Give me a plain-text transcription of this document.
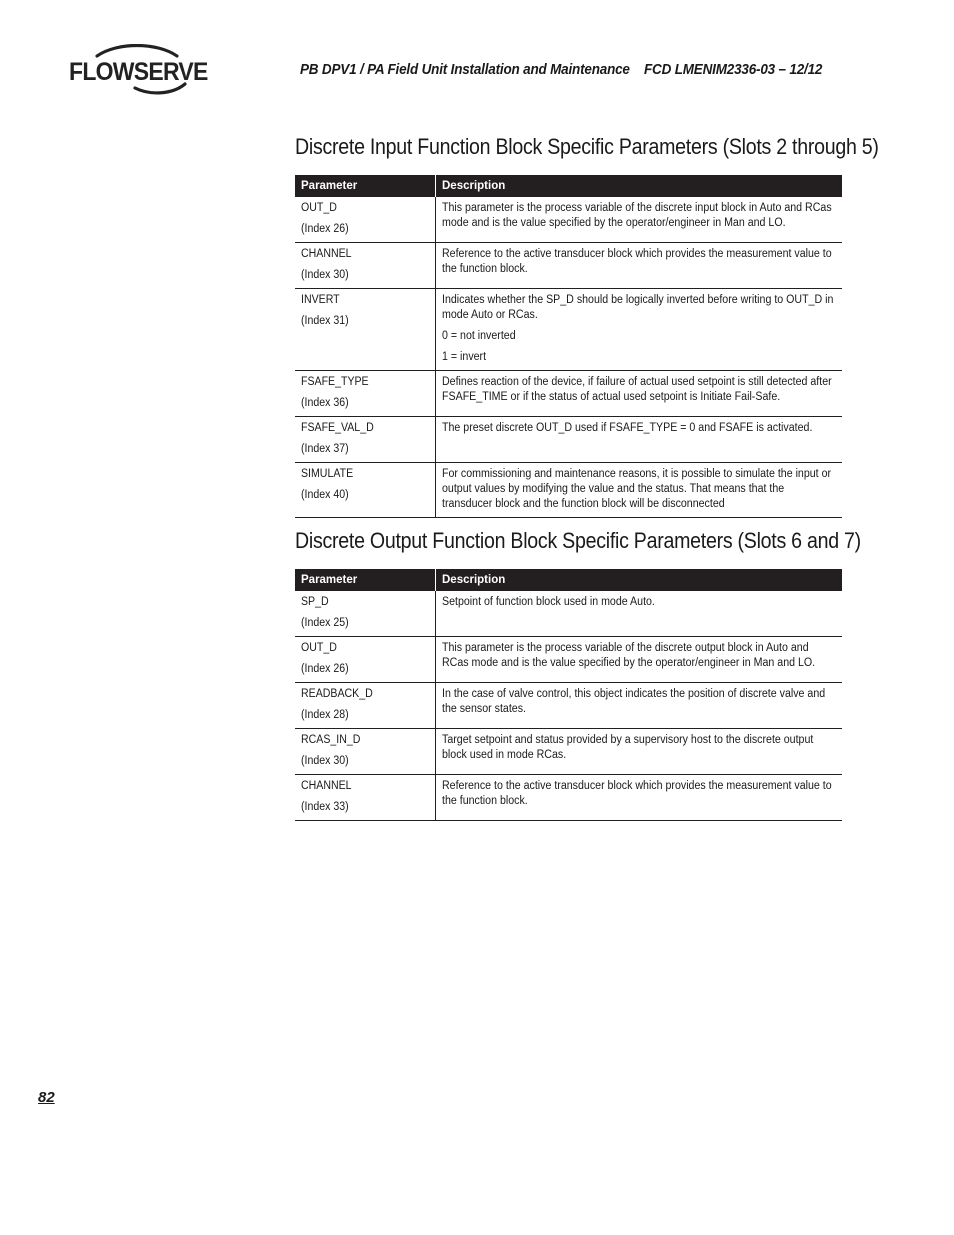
FLOWSERVE	PB DPV1 / PA Field Unit Installation and Maintenance    FCD LMENIM2336-03 – 12/12
Discrete Input Function Block Specific Parameters (Slots 2 through 5)
Parameter	Description

OUT_D
(Index 26)	This parameter is the process variable of the discrete input block in Auto and RCas mode and is the value specified by the operator/engineer in Man and LO.

CHANNEL
(Index 30)	Reference to the active transducer block which provides the measurement value to the function block.

INVERT
(Index 31)	Indicates whether the SP_D should be logically inverted before writing to OUT_D in mode Auto or RCas.
0 = not inverted
1 = invert

FSAFE_TYPE
(Index 36)	Defines reaction of the device, if failure of actual used setpoint is still detected after FSAFE_TIME or if the status of actual used setpoint is Initiate Fail-Safe.

FSAFE_VAL_D
(Index 37)	The preset discrete OUT_D used if FSAFE_TYPE = 0 and FSAFE is activated.

SIMULATE
(Index 40)	For commissioning and maintenance reasons, it is possible to simulate the input or output values by modifying the value and the status. That means that the transducer block and the function block will be disconnected
Discrete Output Function Block Specific Parameters (Slots 6 and 7)
Parameter	Description

SP_D
(Index 25)	Setpoint of function block used in mode Auto.

OUT_D
(Index 26)	This parameter is the process variable of the discrete output block in Auto and RCas mode and is the value specified by the operator/engineer in Man and LO.

READBACK_D
(Index 28)	In the case of valve control, this object indicates the position of discrete valve and the sensor states.

RCAS_IN_D
(Index 30)	Target setpoint and status provided by a supervisory host to the discrete output block used in mode RCas.

CHANNEL
(Index 33)	Reference to the active transducer block which provides the measurement value to the function block.
82
